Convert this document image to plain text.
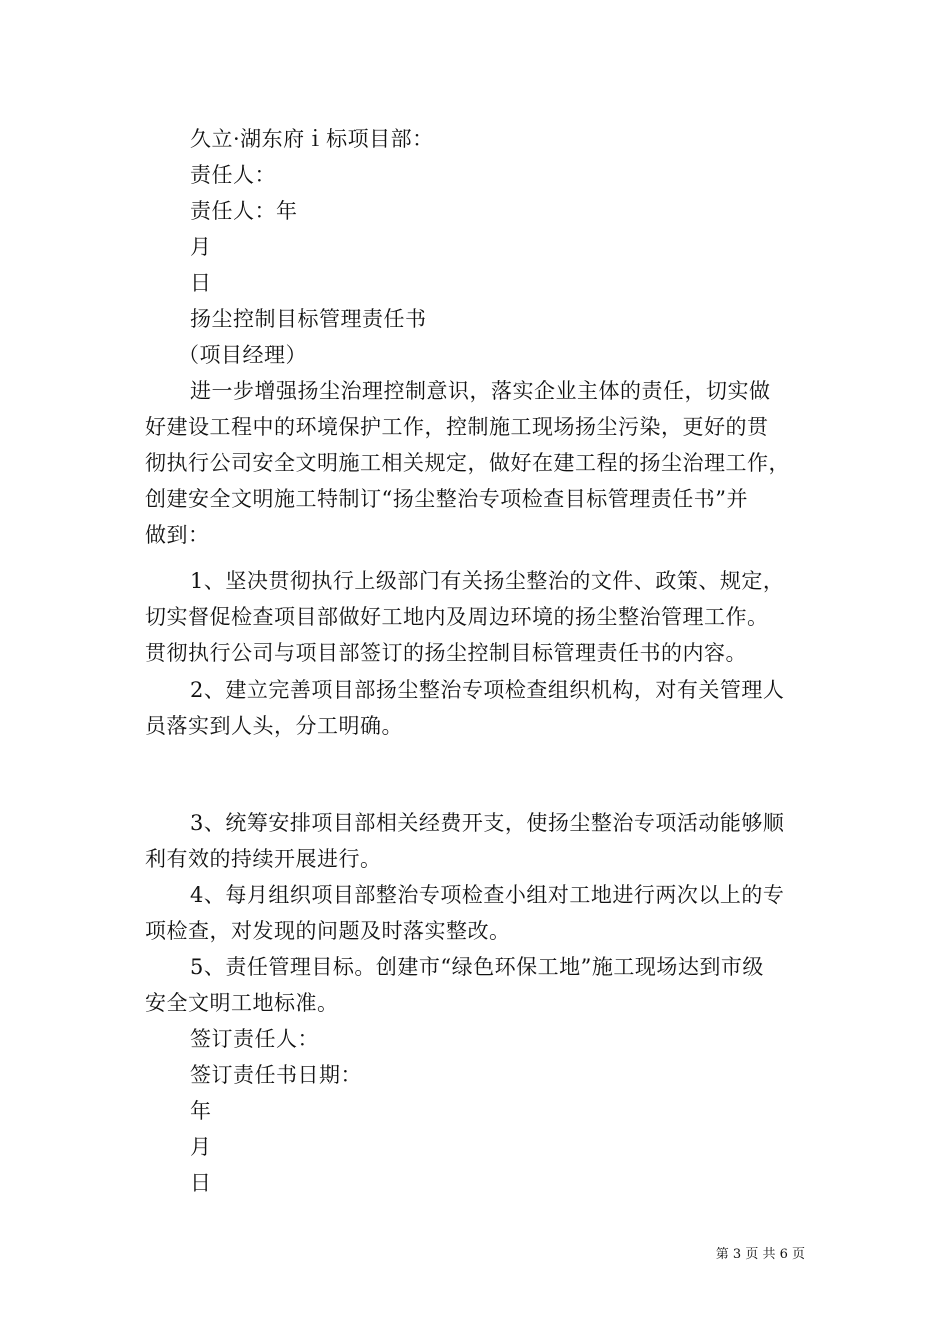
久立·湖东府ｉ标项目部：
责任人：
责任人：年
月
日
扬尘控制目标管理责任书
（项目经理）
进一步增强扬尘治理控制意识，落实企业主体的责任，切实做
好建设工程中的环境保护工作，控制施工现场扬尘污染，更好的贯
彻执行公司安全文明施工相关规定，做好在建工程的扬尘治理工作，
创建安全文明施工特制订“扬尘整治专项检查目标管理责任书”并
做到：
1、坚决贯彻执行上级部门有关扬尘整治的文件、政策、规定，
切实督促检查项目部做好工地内及周边环境的扬尘整治管理工作。
贯彻执行公司与项目部签订的扬尘控制目标管理责任书的内容。
2、建立完善项目部扬尘整治专项检查组织机构，对有关管理人
员落实到人头，分工明确。
3、统筹安排项目部相关经费开支，使扬尘整治专项活动能够顺
利有效的持续开展进行。
4、每月组织项目部整治专项检查小组对工地进行两次以上的专
项检查，对发现的问题及时落实整改。
5、责任管理目标。创建市“绿色环保工地”施工现场达到市级
安全文明工地标准。
签订责任人：
签订责任书日期：
年
月
日
第 3 页 共 6 页
